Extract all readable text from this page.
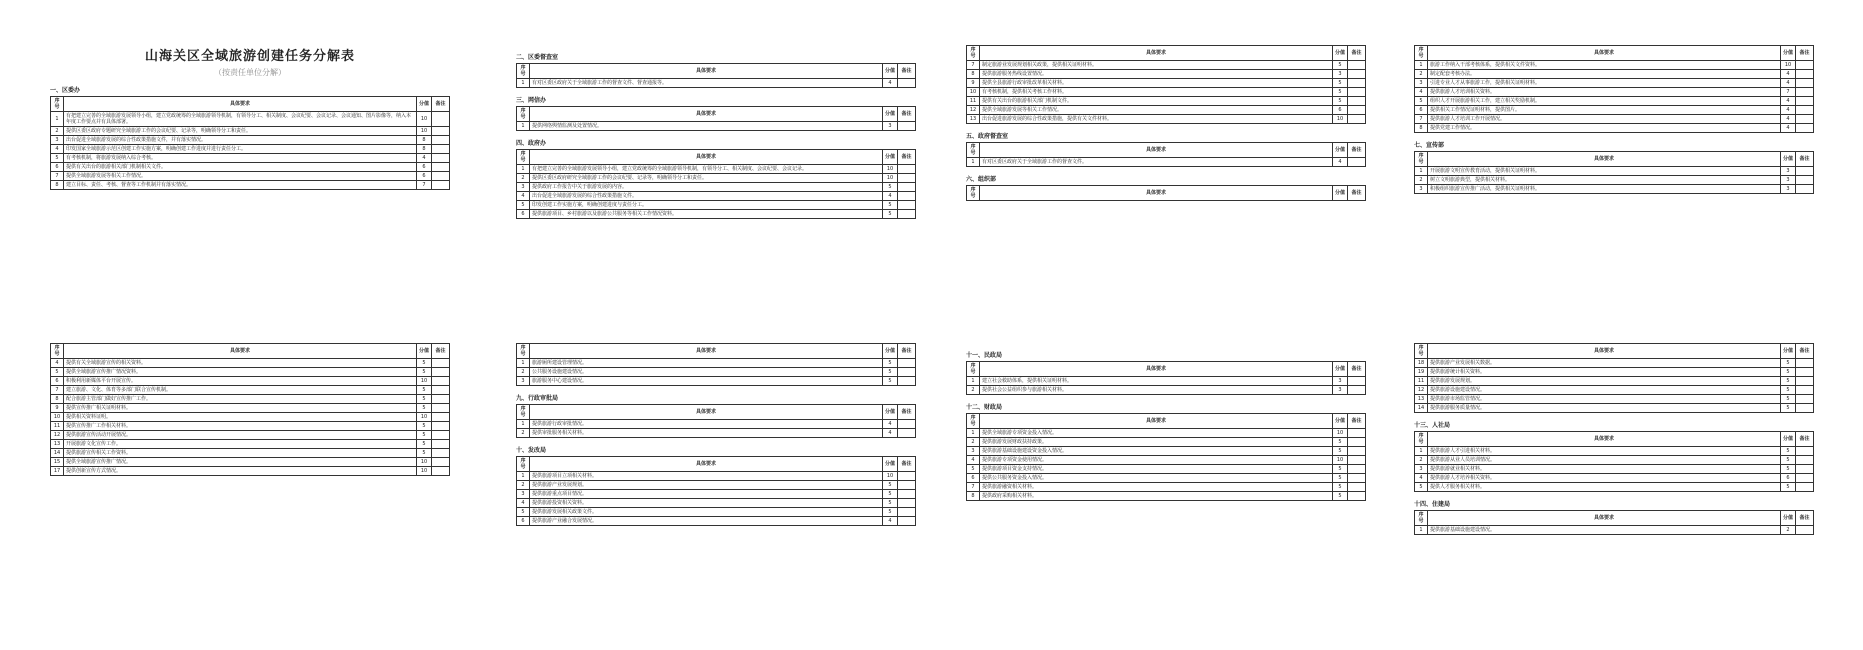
山海关区全域旅游创建任务分解表
（按责任单位分解）
一、区委办
序号	具体要求	分值	备注
1	有把建立完善的全域旅游发展领导小组，建立党政统筹的全域旅游领导机制，有领导分工、相关制度、会议纪要、会议记录、会议通知、图片影像等，纳入本年度工作要点并有具体部署。	10	
2	提供区委区政府专题研究全域旅游工作的会议纪要、记录等，明确领导分工和责任。	10	
3	出台促进全域旅游发展的综合性政策措施文件，并有落实情况。	8	
4	印发国家全域旅游示范区创建工作实施方案，明确创建工作进度并进行责任分工。	8	
5	有考核机制，将旅游发展纳入综合考核。	4	
6	提供有关出台的旅游相关部门机制相关文件。	6	
7	提供全域旅游发展等相关工作情况。	6	
8	建立目标、责任、考核、督查等工作机制并有落实情况。	7	
二、区委督查室
序号	具体要求	分值	备注
1	有对区委区政府关于全域旅游工作的督查文件、督查通报等。	4	
三、网信办
序号	具体要求	分值	备注
1	提供网络舆情监测及处置情况。	3	
四、政府办
序号	具体要求	分值	备注
1	有把建立完善的全域旅游发展领导小组，建立党政统筹的全域旅游领导机制，有领导分工、相关制度、会议纪要、会议记录。	10	
2	提供区委区政府研究全域旅游工作的会议纪要、记录等，明确领导分工和责任。	10	
3	提供政府工作报告中关于旅游发展的内容。	5	
4	出台促进全域旅游发展的综合性政策措施文件。	4	
5	印发创建工作实施方案，明确创建进度与责任分工。	5	
6	提供旅游项目、乡村旅游以及旅游公共服务等相关工作情况资料。	5	
序号	具体要求	分值	备注
7	制定旅游业发展规划相关政策，提供相关证明材料。	5	
8	提供旅游服务热线设置情况。	3	
9	提供全县旅游行政审批改革相关材料。	5	
10	有考核机制，提供相关考核工作材料。	5	
11	提供有关出台的旅游相关部门机制文件。	5	
12	提供全域旅游发展等相关工作情况。	6	
13	出台促进旅游发展的综合性政策措施，提供有关文件材料。	10	
五、政府督查室
序号	具体要求	分值	备注
1	有对区委区政府关于全域旅游工作的督查文件。	4	
六、组织部
序号	具体要求	分值	备注
序号	具体要求	分值	备注
1	旅游工作纳入干部考核体系，提供相关文件资料。	10	
2	制定配套考核办法。	4	
3	引进专业人才从事旅游工作，提供相关证明材料。	4	
4	提供旅游人才培训相关资料。	7	
5	组织人才开展旅游相关工作，建立相关奖励机制。	4	
6	提供相关工作情况证明材料，提供图片。	4	
7	提供旅游人才培训工作开展情况。	4	
8	提供党建工作情况。	4	
七、宣传部
序号	具体要求	分值	备注
1	开展旅游文明宣传教育活动，提供相关证明材料。	3	
2	树立文明旅游典型，提供相关材料。	3	
3	积极组织旅游宣传推广活动，提供相关证明材料。	3	
序号	具体要求	分值	备注
4	提供有关全域旅游宣传的相关资料。	5	
5	提供全域旅游宣传推广情况资料。	5	
6	积极利用新媒体平台开展宣传。	10	
7	建立旅游、文化、体育等多部门联合宣传机制。	5	
8	配合旅游主管部门做好宣传推广工作。	5	
9	提供宣传推广相关证明材料。	5	
10	提供相关资料证明。	10	
11	提供宣传推广工作相关材料。	5	
12	提供旅游宣传活动开展情况。	5	
13	开展旅游文化宣传工作。	5	
14	提供旅游宣传相关工作资料。	5	
15	提供全域旅游宣传推广情况。	10	
17	提供创新宣传方式情况。	10	
序号	具体要求	分值	备注
1	旅游厕所建设管理情况。	5	
2	公共服务设施建设情况。	5	
3	旅游服务中心建设情况。	5	
九、行政审批局
序号	具体要求	分值	备注
1	提供旅游行政审批情况。	4	
2	提供审批服务相关材料。	4	
十、发改局
序号	具体要求	分值	备注
1	提供旅游项目立项相关材料。	10	
2	提供旅游产业发展规划。	5	
3	提供旅游重点项目情况。	5	
4	提供旅游投资相关资料。	5	
5	提供旅游发展相关政策文件。	5	
6	提供旅游产业融合发展情况。	4	
十一、民政局
序号	具体要求	分值	备注
1	建立社会救助体系，提供相关证明材料。	3	
2	提供社会公益组织参与旅游相关材料。	3	
十二、财政局
序号	具体要求	分值	备注
1	提供全域旅游专项资金投入情况。	10	
2	提供旅游发展财政扶持政策。	5	
3	提供旅游基础设施建设资金投入情况。	5	
4	提供旅游专项资金使用情况。	10	
5	提供旅游项目资金支持情况。	5	
6	提供公共服务资金投入情况。	5	
7	提供旅游融资相关材料。	5	
8	提供政府采购相关材料。	5	
序号	具体要求	分值	备注
18	提供旅游产业发展相关数据。	5	
19	提供旅游统计相关资料。	5	
11	提供旅游发展规划。	5	
12	提供旅游设施建设情况。	5	
13	提供旅游市场监管情况。	5	
14	提供旅游服务质量情况。	5	
十三、人社局
序号	具体要求	分值	备注
1	提供旅游人才引进相关材料。	5	
2	提供旅游从业人员培训情况。	5	
3	提供旅游就业相关材料。	5	
4	提供旅游人才培养相关资料。	6	
5	提供人才服务相关材料。	5	
十四、住建局
序号	具体要求	分值	备注
1	提供旅游基础设施建设情况。	2	
